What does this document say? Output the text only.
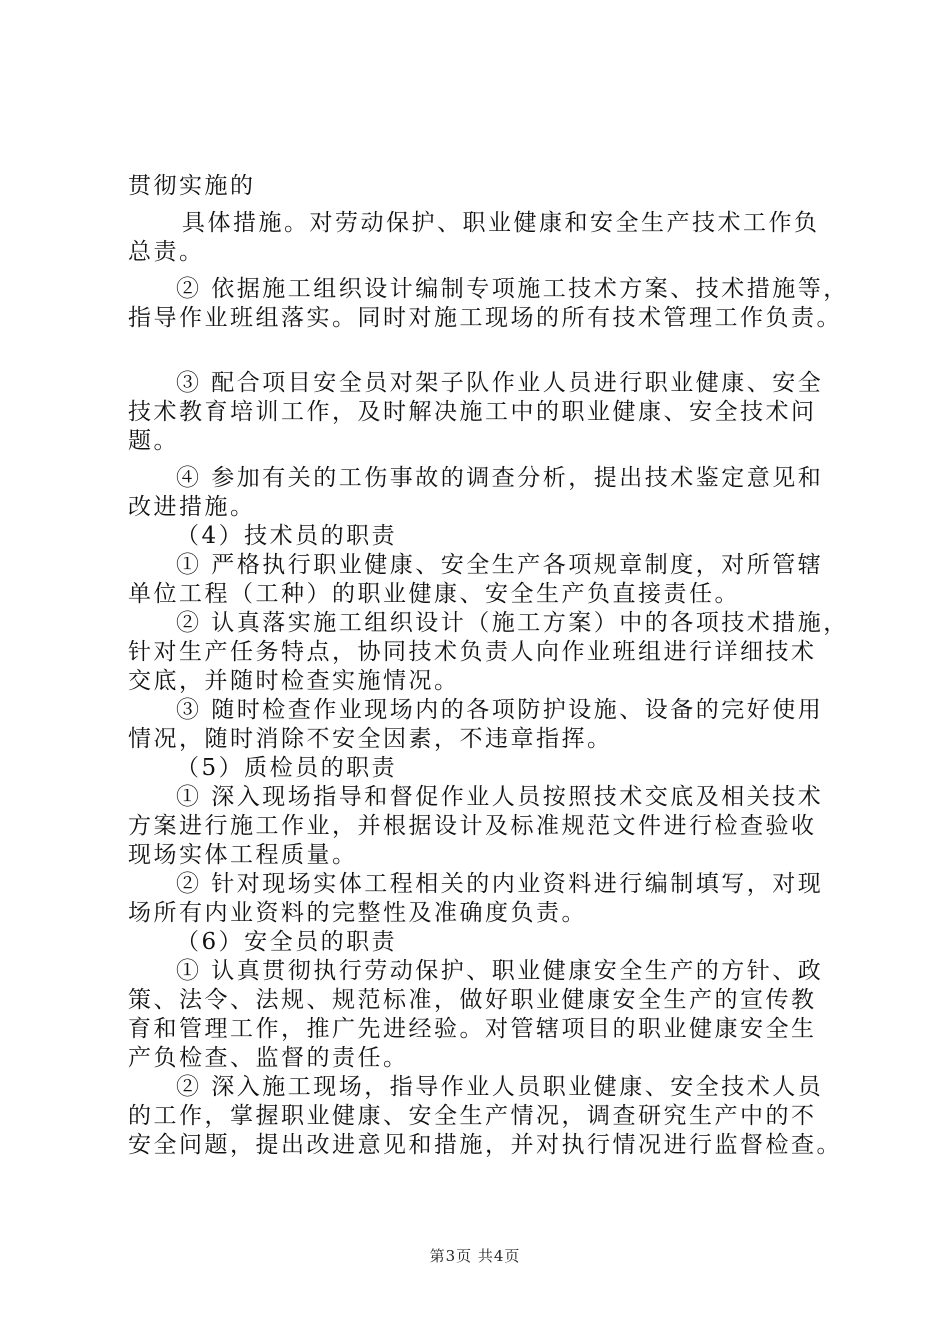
贯彻实施的
具体措施。对劳动保护、职业健康和安全生产技术工作负
总责。
② 依据施工组织设计编制专项施工技术方案、技术措施等，
指导作业班组落实。同时对施工现场的所有技术管理工作负责。
③ 配合项目安全员对架子队作业人员进行职业健康、安全
技术教育培训工作，及时解决施工中的职业健康、安全技术问
题。
④ 参加有关的工伤事故的调查分析，提出技术鉴定意见和
改进措施。
（4）技术员的职责
① 严格执行职业健康、安全生产各项规章制度，对所管辖
单位工程（工种）的职业健康、安全生产负直接责任。
② 认真落实施工组织设计（施工方案）中的各项技术措施，
针对生产任务特点，协同技术负责人向作业班组进行详细技术
交底，并随时检查实施情况。
③ 随时检查作业现场内的各项防护设施、设备的完好使用
情况，随时消除不安全因素，不违章指挥。
（5）质检员的职责
① 深入现场指导和督促作业人员按照技术交底及相关技术
方案进行施工作业，并根据设计及标准规范文件进行检查验收
现场实体工程质量。
② 针对现场实体工程相关的内业资料进行编制填写，对现
场所有内业资料的完整性及准确度负责。
（6）安全员的职责
① 认真贯彻执行劳动保护、职业健康安全生产的方针、政
策、法令、法规、规范标准，做好职业健康安全生产的宣传教
育和管理工作，推广先进经验。对管辖项目的职业健康安全生
产负检查、监督的责任。
② 深入施工现场，指导作业人员职业健康、安全技术人员
的工作，掌握职业健康、安全生产情况，调查研究生产中的不
安全问题，提出改进意见和措施，并对执行情况进行监督检查。
第3页 共4页
